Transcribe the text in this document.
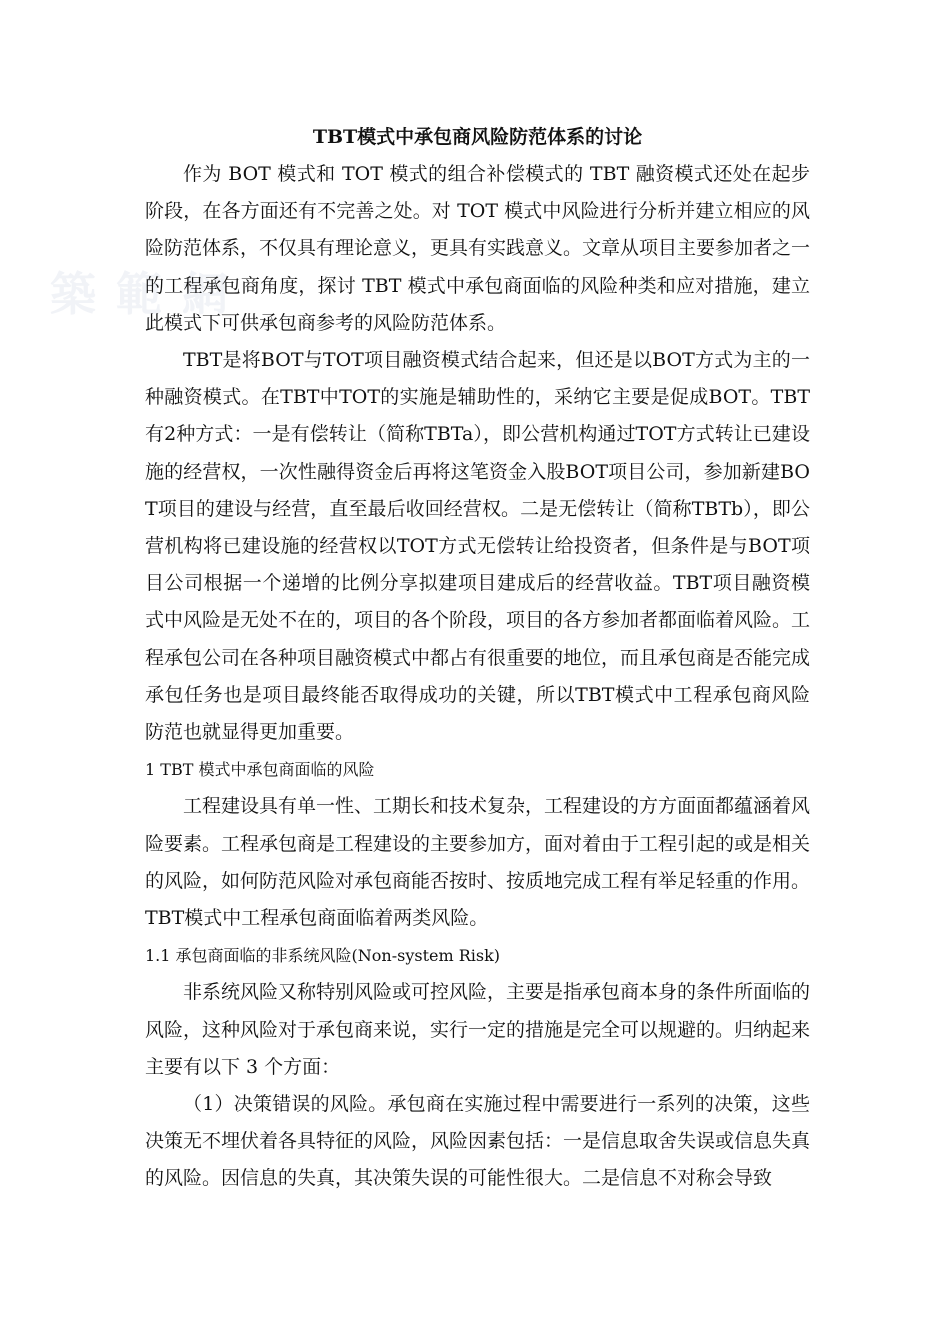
築 範 網
TBT模式中承包商风险防范体系的讨论

作为 BOT 模式和 TOT 模式的组合补偿模式的 TBT 融资模式还处在起步阶段，在各方面还有不完善之处。对 TOT 模式中风险进行分析并建立相应的风险防范体系，不仅具有理论意义，更具有实践意义。文章从项目主要参加者之一的工程承包商角度，探讨 TBT 模式中承包商面临的风险种类和应对措施，建立此模式下可供承包商参考的风险防范体系。

TBT是将BOT与TOT项目融资模式结合起来，但还是以BOT方式为主的一种融资模式。在TBT中TOT的实施是辅助性的，采纳它主要是促成BOT。TBT有2种方式：一是有偿转让（简称TBTa），即公营机构通过TOT方式转让已建设施的经营权，一次性融得资金后再将这笔资金入股BOT项目公司，参加新建BOT项目的建设与经营，直至最后收回经营权。二是无偿转让（简称TBTb），即公营机构将已建设施的经营权以TOT方式无偿转让给投资者，但条件是与BOT项目公司根据一个递增的比例分享拟建项目建成后的经营收益。TBT项目融资模式中风险是无处不在的，项目的各个阶段，项目的各方参加者都面临着风险。工程承包公司在各种项目融资模式中都占有很重要的地位，而且承包商是否能完成承包任务也是项目最终能否取得成功的关键，所以TBT模式中工程承包商风险防范也就显得更加重要。

1 TBT 模式中承包商面临的风险

工程建设具有单一性、工期长和技术复杂，工程建设的方方面面都蕴涵着风险要素。工程承包商是工程建设的主要参加方，面对着由于工程引起的或是相关的风险，如何防范风险对承包商能否按时、按质地完成工程有举足轻重的作用。TBT模式中工程承包商面临着两类风险。

1.1 承包商面临的非系统风险(Non-system Risk)

非系统风险又称特别风险或可控风险，主要是指承包商本身的条件所面临的风险，这种风险对于承包商来说，实行一定的措施是完全可以规避的。归纳起来主要有以下 3 个方面：

（1）决策错误的风险。承包商在实施过程中需要进行一系列的决策，这些决策无不埋伏着各具特征的风险，风险因素包括：一是信息取舍失误或信息失真的风险。因信息的失真，其决策失误的可能性很大。二是信息不对称会导致
